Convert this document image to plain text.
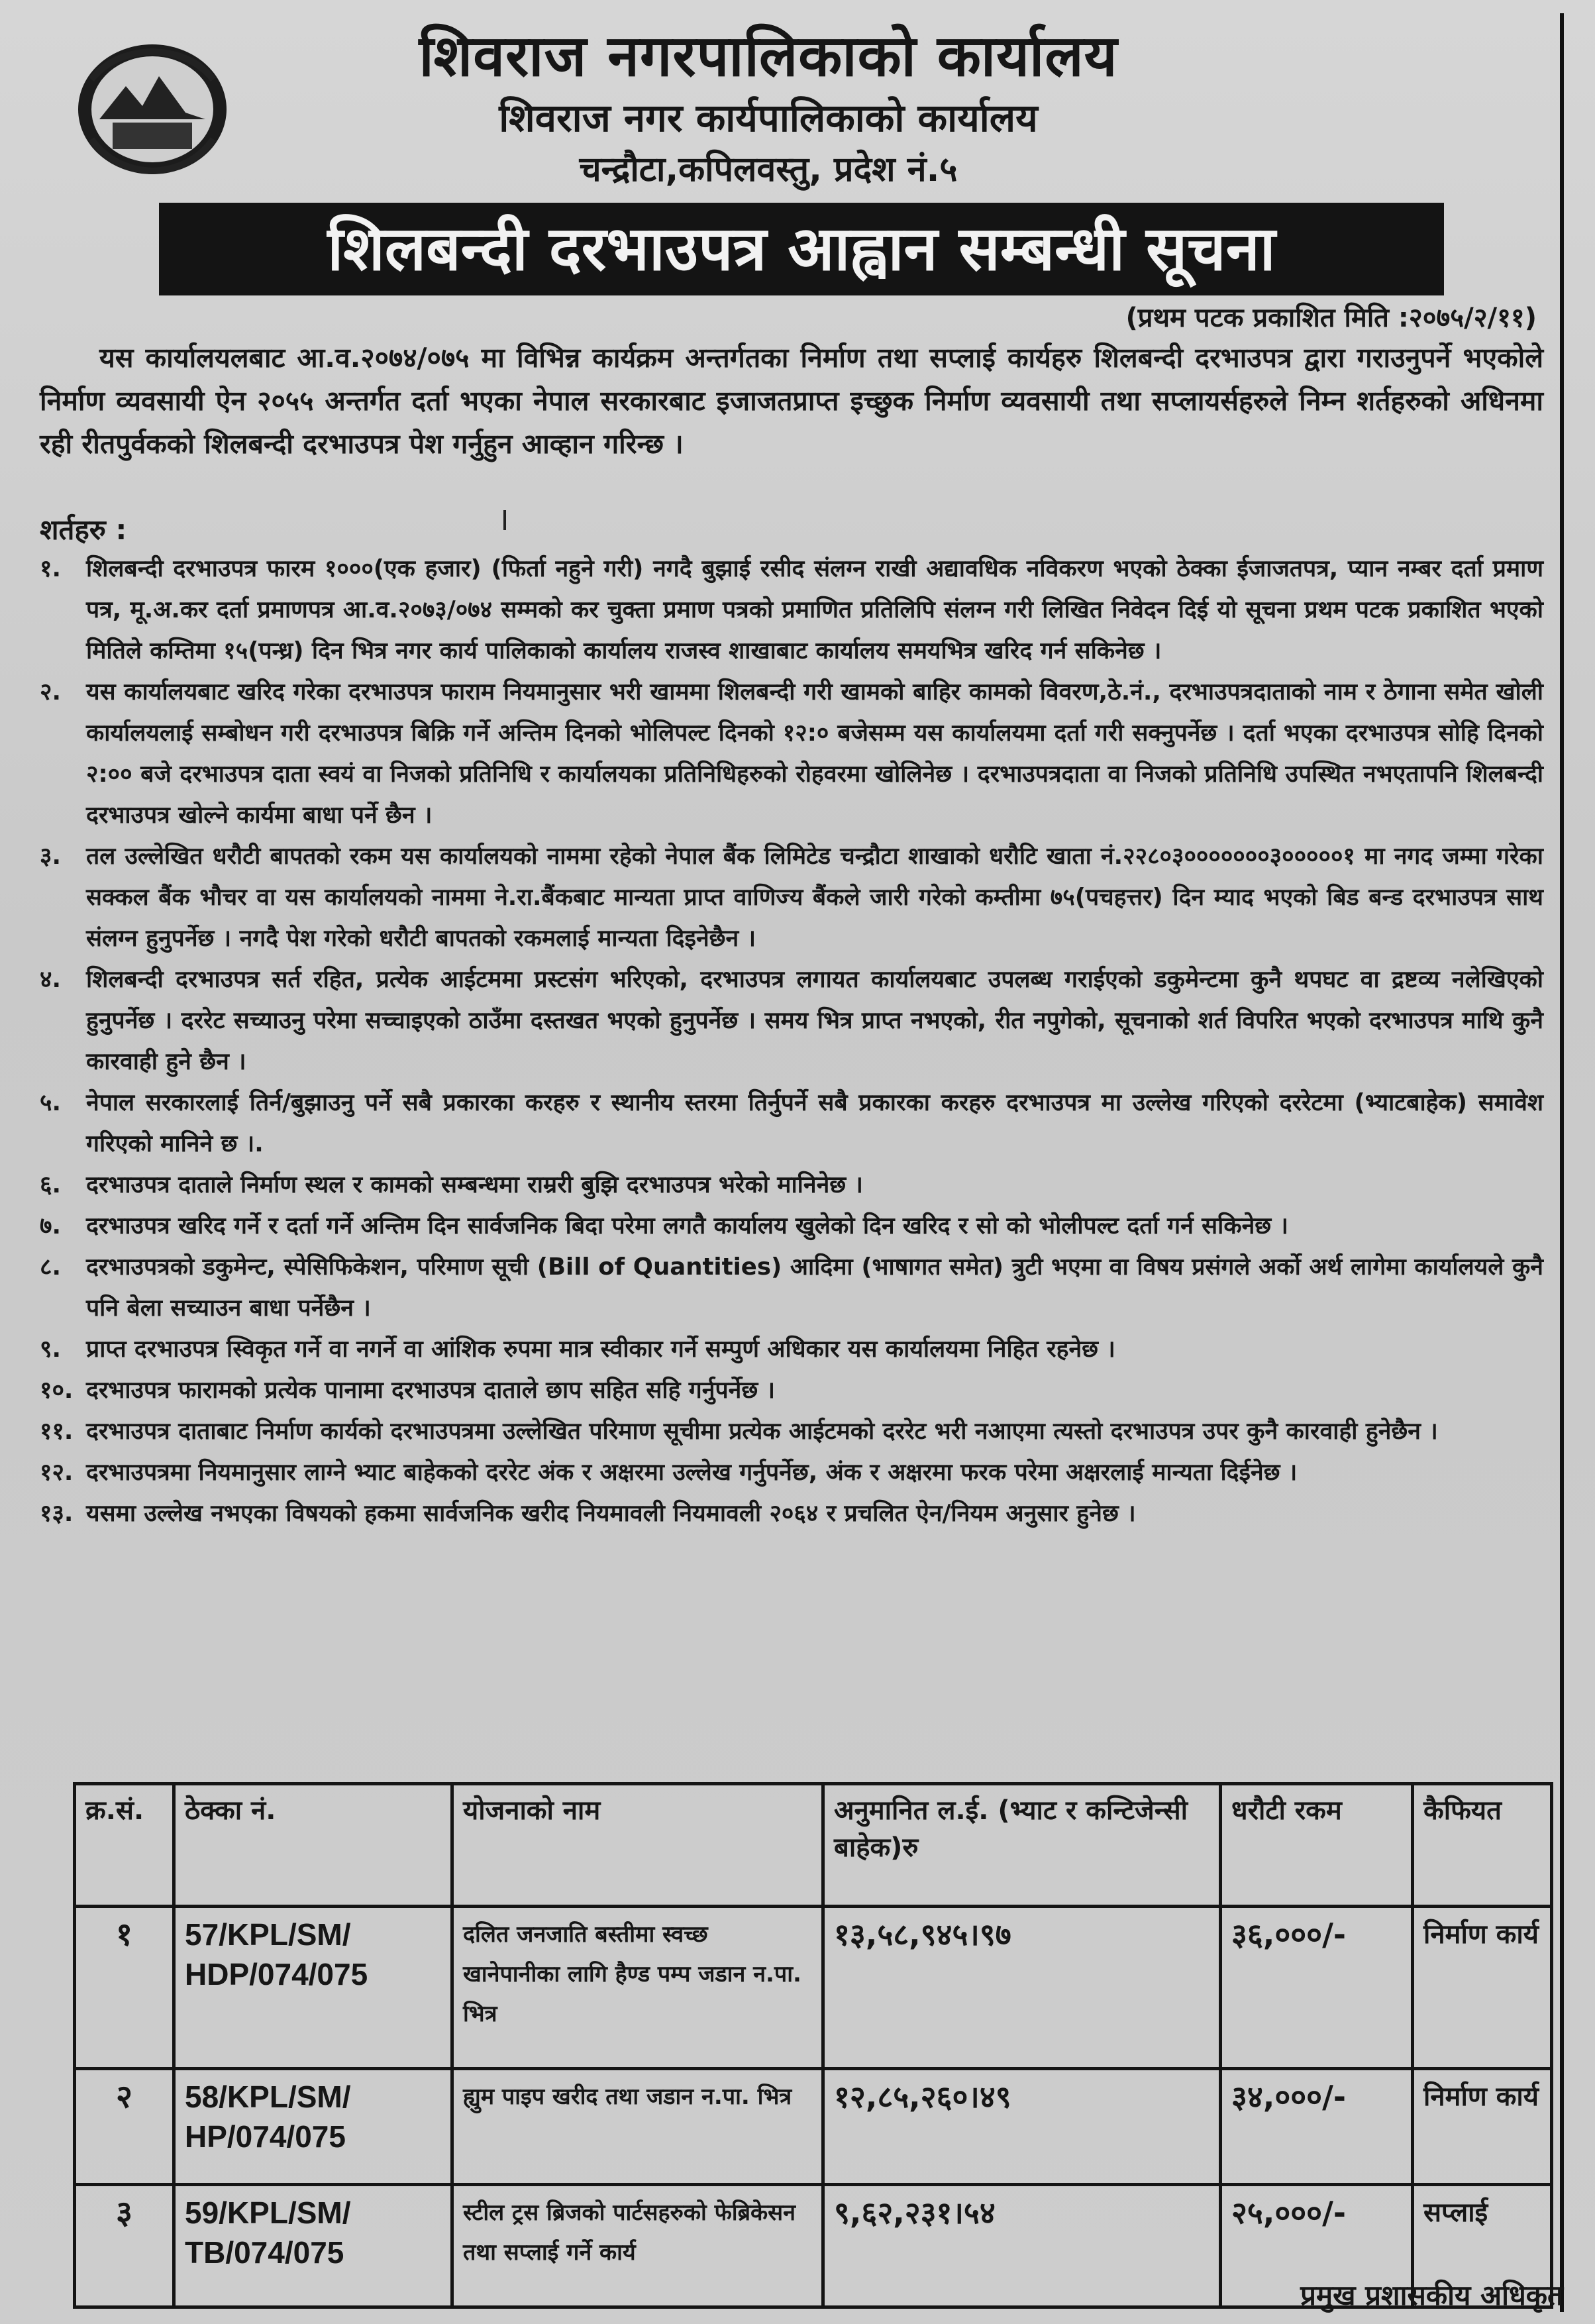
शिवराज नगरपालिकाको कार्यालय
शिवराज नगर कार्यपालिकाको कार्यालय
चन्द्रौटा,कपिलवस्तु, प्रदेश नं.५
शिलबन्दी दरभाउपत्र आह्वान सम्बन्धी सूचना
(प्रथम पटक प्रकाशित मिति :२०७५/२/११)
यस कार्यालयलबाट आ.व.२०७४/०७५ मा विभिन्न कार्यक्रम अन्तर्गतका निर्माण तथा सप्लाई कार्यहरु शिलबन्दी दरभाउपत्र द्वारा गराउनुपर्ने भएकोले निर्माण व्यवसायी ऐन २०५५ अन्तर्गत दर्ता भएका नेपाल सरकारबाट इजाजतप्राप्त इच्छुक निर्माण व्यवसायी तथा सप्लायर्सहरुले निम्न शर्तहरुको अधिनमा रही रीतपुर्वकको शिलबन्दी दरभाउपत्र पेश गर्नुहुन आव्हान गरिन्छ ।
शर्तहरु :
१.	शिलबन्दी दरभाउपत्र फारम १०००(एक हजार) (फिर्ता नहुने गरी) नगदै बुझाई रसीद संलग्न राखी अद्यावधिक नविकरण भएको ठेक्का ईजाजतपत्र, प्यान नम्बर दर्ता प्रमाण पत्र, मू.अ.कर दर्ता प्रमाणपत्र आ.व.२०७३/०७४ सम्मको कर चुक्ता प्रमाण पत्रको प्रमाणित प्रतिलिपि संलग्न गरी लिखित निवेदन दिई यो सूचना प्रथम पटक प्रकाशित भएको मितिले कम्तिमा १५(पन्ध्र) दिन भित्र नगर कार्य पालिकाको कार्यालय राजस्व शाखाबाट कार्यालय समयभित्र खरिद गर्न सकिनेछ ।
२.	यस कार्यालयबाट खरिद गरेका दरभाउपत्र फाराम नियमानुसार भरी खाममा शिलबन्दी गरी खामको बाहिर कामको विवरण,ठे.नं., दरभाउपत्रदाताको नाम र ठेगाना समेत खोली कार्यालयलाई सम्बोधन गरी दरभाउपत्र बिक्रि गर्ने अन्तिम दिनको भोलिपल्ट दिनको १२:० बजेसम्म यस कार्यालयमा दर्ता गरी सक्नुपर्नेछ । दर्ता भएका दरभाउपत्र सोहि दिनको २:०० बजे दरभाउपत्र दाता स्वयं वा निजको प्रतिनिधि र कार्यालयका प्रतिनिधिहरुको रोहवरमा खोलिनेछ । दरभाउपत्रदाता वा निजको प्रतिनिधि उपस्थित नभएतापनि शिलबन्दी दरभाउपत्र खोल्ने कार्यमा बाधा पर्ने छैन ।
३.	तल उल्लेखित धरौटी बापतको रकम यस कार्यालयको नाममा रहेको नेपाल बैंक लिमिटेड चन्द्रौटा शाखाको धरौटि खाता नं.२२८०३०००००००३०००००१ मा नगद जम्मा गरेका सक्कल बैंक भौचर वा यस कार्यालयको नाममा ने.रा.बैंकबाट मान्यता प्राप्त वाणिज्य बैंकले जारी गरेको कम्तीमा ७५(पचहत्तर) दिन म्याद भएको बिड बन्ड दरभाउपत्र साथ संलग्न हुनुपर्नेछ । नगदै पेश गरेको धरौटी बापतको रकमलाई मान्यता दिइनेछैन ।
४.	शिलबन्दी दरभाउपत्र सर्त रहित, प्रत्येक आईटममा प्रस्टसंग भरिएको, दरभाउपत्र लगायत कार्यालयबाट उपलब्ध गराईएको डकुमेन्टमा कुनै थपघट वा द्रष्टव्य नलेखिएको हुनुपर्नेछ । दररेट सच्याउनु परेमा सच्चाइएको ठाउँमा दस्तखत भएको हुनुपर्नेछ । समय भित्र प्राप्त नभएको, रीत नपुगेको, सूचनाको शर्त विपरित भएको दरभाउपत्र माथि कुनै कारवाही हुने छैन ।
५.	नेपाल सरकारलाई तिर्न/बुझाउनु पर्ने सबै प्रकारका करहरु र स्थानीय स्तरमा तिर्नुपर्ने सबै प्रकारका करहरु दरभाउपत्र मा उल्लेख गरिएको दररेटमा (भ्याटबाहेक) समावेश गरिएको मानिने छ ।.
६.	दरभाउपत्र दाताले निर्माण स्थल र कामको सम्बन्धमा राम्ररी बुझि दरभाउपत्र भरेको मानिनेछ ।
७.	दरभाउपत्र खरिद गर्ने र दर्ता गर्ने अन्तिम दिन सार्वजनिक बिदा परेमा लगतै कार्यालय खुलेको दिन खरिद र सो को भोलीपल्ट दर्ता गर्न सकिनेछ ।
८.	दरभाउपत्रको डकुमेन्ट, स्पेसिफिकेशन, परिमाण सूची (Bill of Quantities) आदिमा (भाषागत समेत) त्रुटी भएमा वा विषय प्रसंगले अर्को अर्थ लागेमा कार्यालयले कुनै पनि बेला सच्याउन बाधा पर्नेछैन ।
९.	प्राप्त दरभाउपत्र स्विकृत गर्ने वा नगर्ने वा आंशिक रुपमा मात्र स्वीकार गर्ने सम्पुर्ण अधिकार यस कार्यालयमा निहित रहनेछ ।
१०. दरभाउपत्र फारामको प्रत्येक पानामा दरभाउपत्र दाताले छाप सहित सहि गर्नुपर्नेछ ।
११. दरभाउपत्र दाताबाट निर्माण कार्यको दरभाउपत्रमा उल्लेखित परिमाण सूचीमा प्रत्येक आईटमको दररेट भरी नआएमा त्यस्तो दरभाउपत्र उपर कुनै कारवाही हुनेछैन ।
१२. दरभाउपत्रमा नियमानुसार लाग्ने भ्याट बाहेकको दररेट अंक र अक्षरमा उल्लेख गर्नुपर्नेछ, अंक र अक्षरमा फरक परेमा अक्षरलाई मान्यता दिईनेछ ।
१३. यसमा उल्लेख नभएका विषयको हकमा सार्वजनिक खरीद नियमावली नियमावली २०६४ र प्रचलित ऐन/नियम अनुसार हुनेछ ।
क्र.सं.	ठेक्का नं.	योजनाको नाम	अनुमानित ल.ई. (भ्याट र कन्टिजेन्सी बाहेक)रु	धरौटी रकम	कैफियत
१	57/KPL/SM/ HDP/074/075	दलित जनजाति बस्तीमा स्वच्छ खानेपानीका लागि हैण्ड पम्प जडान न.पा. भित्र	१३,५८,९४५।९७	३६,०००/-	निर्माण कार्य
२	58/KPL/SM/ HP/074/075	ह्युम पाइप खरीद तथा जडान न.पा. भित्र	१२,८५,२६०।४९	३४,०००/-	निर्माण कार्य
३	59/KPL/SM/ TB/074/075	स्टील ट्रस ब्रिजको पार्टसहरुको फेब्रिकेसन तथा सप्लाई गर्ने कार्य	९,६२,२३१।५४	२५,०००/-	सप्लाई
प्रमुख प्रशासकीय अधिकृत
